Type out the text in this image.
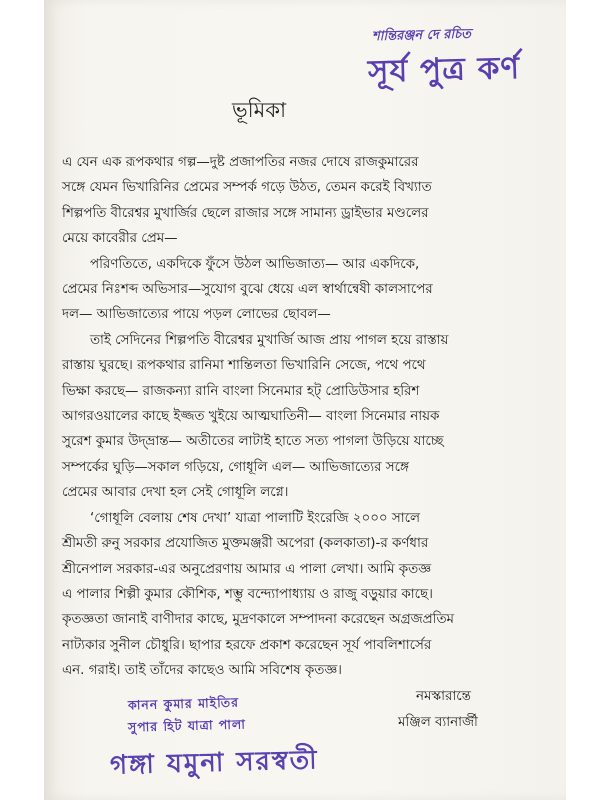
শান্তিরঞ্জন দে রচিত
সূর্য পুত্র কর্ণ
ভূমিকা
এ যেন এক রূপকথার গল্প—দুষ্ট প্রজাপতির নজর দোষে রাজকুমারের
সঙ্গে যেমন ভিখারিনির প্রেমের সম্পর্ক গড়ে উঠত, তেমন করেই বিখ্যাত
শিল্পপতি বীরেশ্বর মুখার্জির ছেলে রাজার সঙ্গে সামান্য ড্রাইভার মণ্ডলের
মেয়ে কাবেরীর প্রেম—
পরিণতিতে, একদিকে ফুঁসে উঠল আভিজাত্য— আর একদিকে,
প্রেমের নিঃশব্দ অভিসার—সুযোগ বুঝে ধেয়ে এল স্বার্থান্বেষী কালসাপের
দল— আভিজাত্যের পায়ে পড়ল লোভের ছোবল—
তাই সেদিনের শিল্পপতি বীরেশ্বর মুখার্জি আজ প্রায় পাগল হয়ে রাস্তায়
রাস্তায় ঘুরছে। রূপকথার রানিমা শান্তিলতা ভিখারিনি সেজে, পথে পথে
ভিক্ষা করছে— রাজকন্যা রানি বাংলা সিনেমার হট্ প্রোডিউসার হরিশ
আগরওয়ালের কাছে ইজ্জত খুইয়ে আত্মঘাতিনী— বাংলা সিনেমার নায়ক
সুরেশ কুমার উদ্‌ভ্রান্ত— অতীতের লাটাই হাতে সত্য পাগলা উড়িয়ে যাচ্ছে
সম্পর্কের ঘুড়ি—সকাল গড়িয়ে, গোধূলি এল— আভিজাত্যের সঙ্গে
প্রেমের আবার দেখা হল সেই গোধূলি লগ্নে।
‘গোধূলি বেলায় শেষ দেখা’ যাত্রা পালাটি ইংরেজি ২০০০ সালে
শ্রীমতী রুনু সরকার প্রযোজিত মুক্তমঞ্জরী অপেরা (কলকাতা)-র কর্ণধার
শ্রীনেপাল সরকার-এর অনুপ্রেরণায় আমার এ পালা লেখা। আমি কৃতজ্ঞ
এ পালার শিল্পী কুমার কৌশিক, শম্ভু বন্দ্যোপাধ্যায় ও রাজু বড়ুয়ার কাছে।
কৃতজ্ঞতা জানাই বাণীদার কাছে, মুদ্রণকালে সম্পাদনা করেছেন অগ্রজপ্রতিম
নাট্যকার সুনীল চৌধুরি। ছাপার হরফে প্রকাশ করেছেন সূর্য পাবলিশার্সের
এন. গরাই। তাই তাঁদের কাছেও আমি সবিশেষ কৃতজ্ঞ।
নমস্কারান্তে
মঞ্জিল ব্যানার্জী
কানন কুমার মাইতির
সুপার হিট যাত্রা পালা
গঙ্গা যমুনা সরস্বতী
